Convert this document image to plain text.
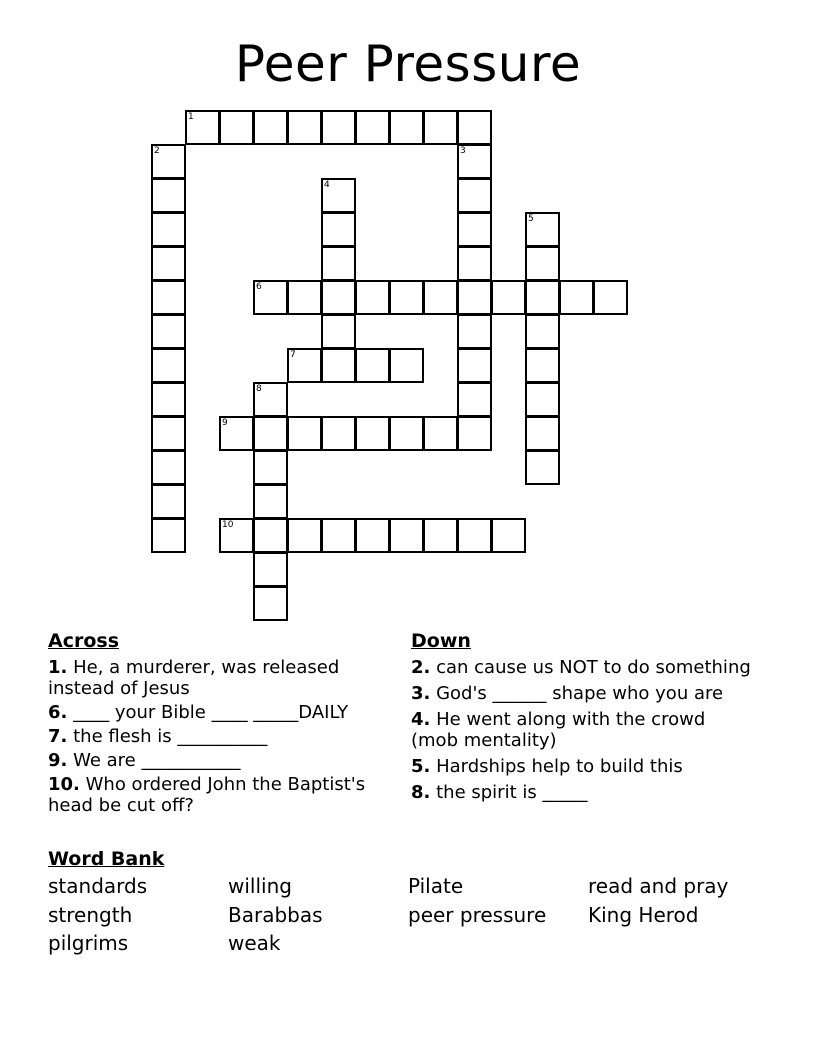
Peer Pressure
1
2	3
4
5
6
7
8
9
10
Across
1. He, a murderer, was released instead of Jesus
6. ____ your Bible ____ _____DAILY
7. the flesh is __________
9. We are ___________
10. Who ordered John the Baptist's head be cut off?
Down
2. can cause us NOT to do something
3. God's ______ shape who you are
4. He went along with the crowd (mob mentality)
5. Hardships help to build this
8. the spirit is _____
Word Bank
standards
strength
pilgrims
willing
Barabbas
weak
Pilate
peer pressure
read and pray
King Herod
